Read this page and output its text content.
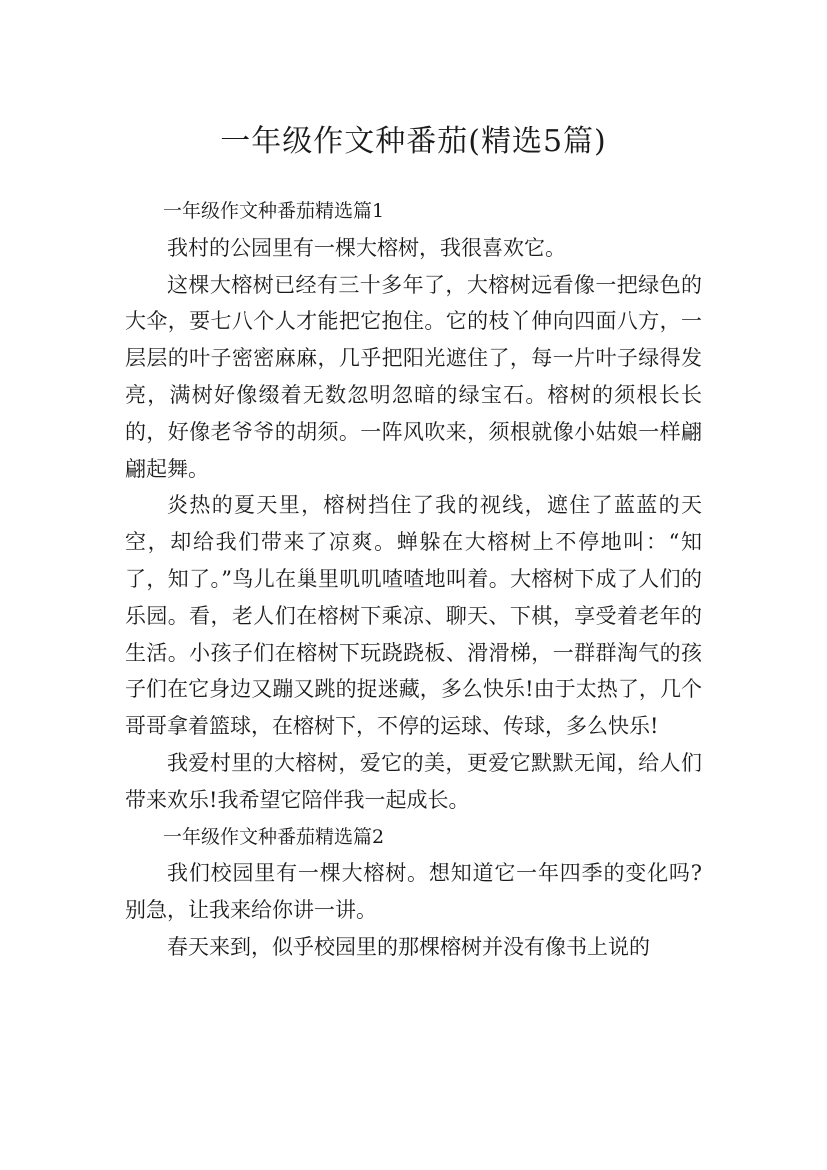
一年级作文种番茄(精选5篇)

一年级作文种番茄精选篇1

我村的公园里有一棵大榕树，我很喜欢它。

这棵大榕树已经有三十多年了，大榕树远看像一把绿色的大伞，要七八个人才能把它抱住。它的枝丫伸向四面八方，一层层的叶子密密麻麻，几乎把阳光遮住了，每一片叶子绿得发亮，满树好像缀着无数忽明忽暗的绿宝石。榕树的须根长长的，好像老爷爷的胡须。一阵风吹来，须根就像小姑娘一样翩翩起舞。

炎热的夏天里，榕树挡住了我的视线，遮住了蓝蓝的天空，却给我们带来了凉爽。蝉躲在大榕树上不停地叫：“知了，知了。”鸟儿在巢里叽叽喳喳地叫着。大榕树下成了人们的乐园。看，老人们在榕树下乘凉、聊天、下棋，享受着老年的生活。小孩子们在榕树下玩跷跷板、滑滑梯，一群群淘气的孩子们在它身边又蹦又跳的捉迷藏，多么快乐!由于太热了，几个哥哥拿着篮球，在榕树下，不停的运球、传球，多么快乐!

我爱村里的大榕树，爱它的美，更爱它默默无闻，给人们带来欢乐!我希望它陪伴我一起成长。

一年级作文种番茄精选篇2

我们校园里有一棵大榕树。想知道它一年四季的变化吗?别急，让我来给你讲一讲。

春天来到，似乎校园里的那棵榕树并没有像书上说的
